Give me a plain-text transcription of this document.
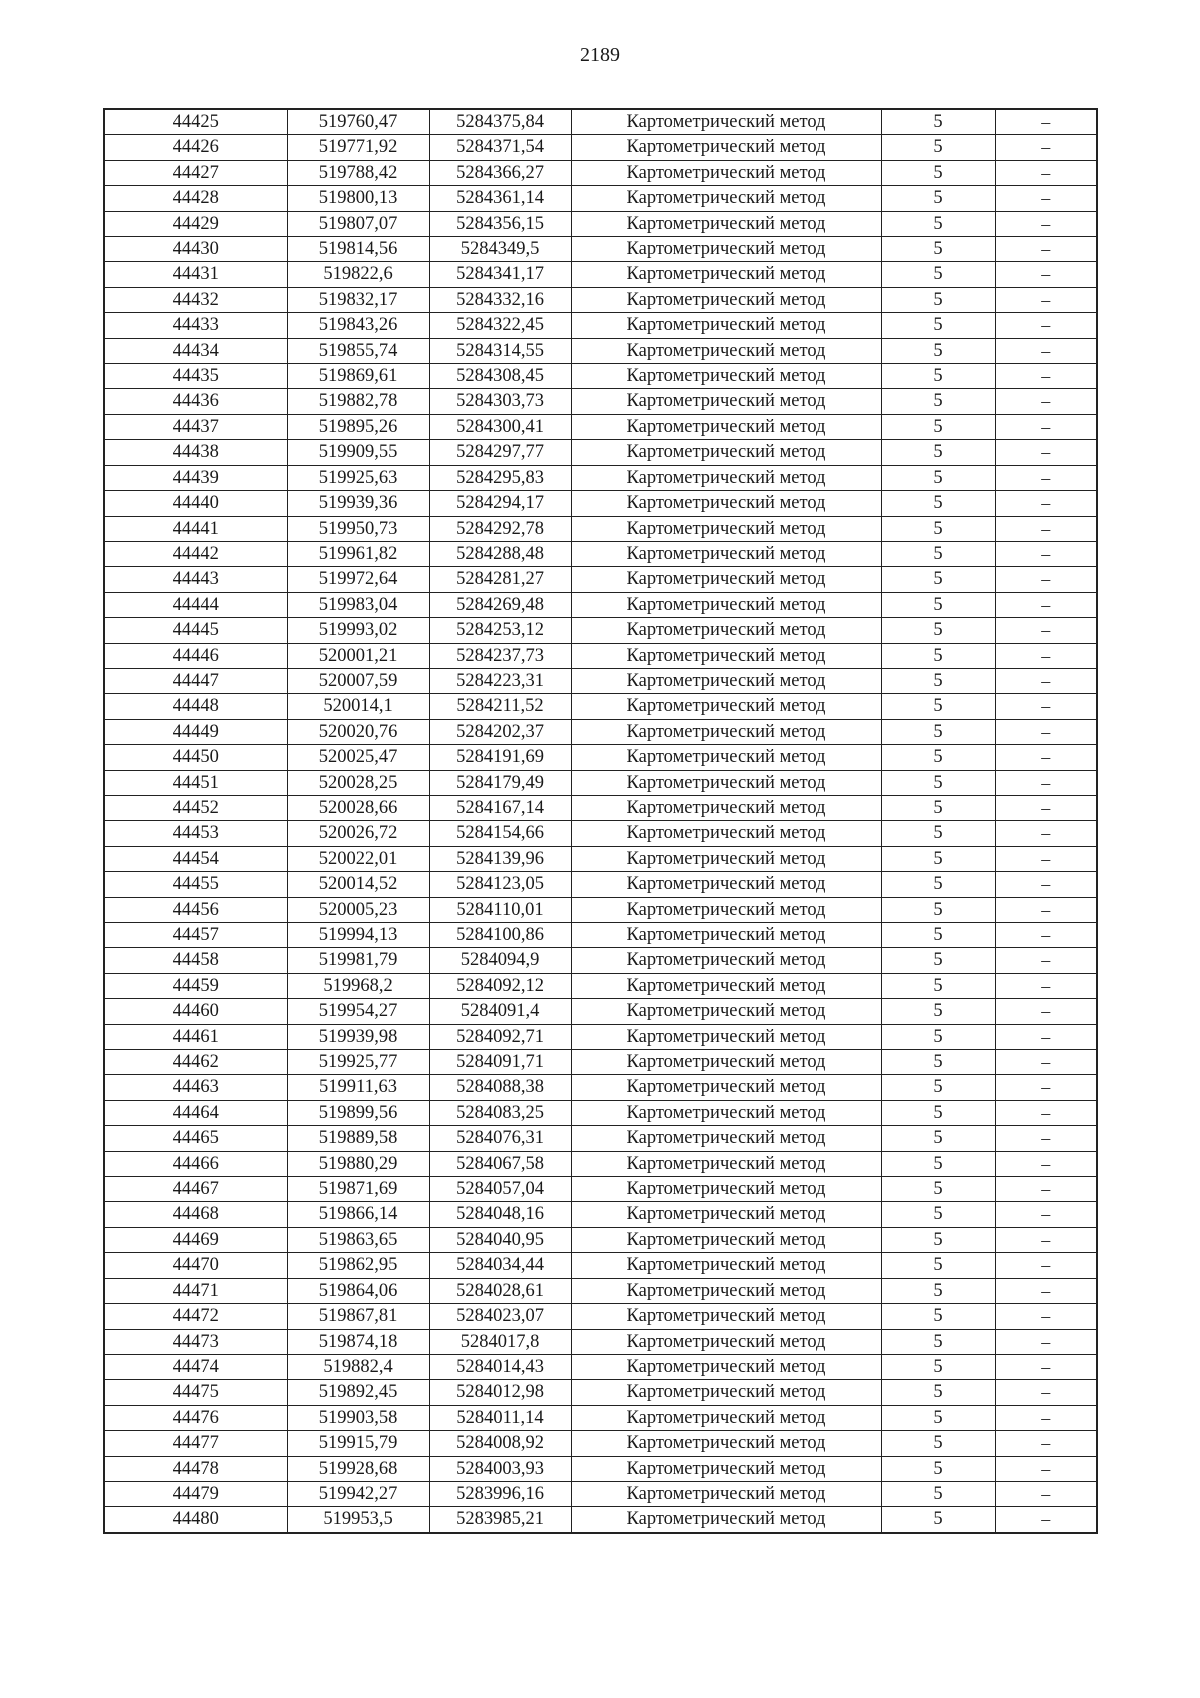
2189
44425	519760,47	5284375,84	Картометрический метод	5	–
44426	519771,92	5284371,54	Картометрический метод	5	–
44427	519788,42	5284366,27	Картометрический метод	5	–
44428	519800,13	5284361,14	Картометрический метод	5	–
44429	519807,07	5284356,15	Картометрический метод	5	–
44430	519814,56	5284349,5	Картометрический метод	5	–
44431	519822,6	5284341,17	Картометрический метод	5	–
44432	519832,17	5284332,16	Картометрический метод	5	–
44433	519843,26	5284322,45	Картометрический метод	5	–
44434	519855,74	5284314,55	Картометрический метод	5	–
44435	519869,61	5284308,45	Картометрический метод	5	–
44436	519882,78	5284303,73	Картометрический метод	5	–
44437	519895,26	5284300,41	Картометрический метод	5	–
44438	519909,55	5284297,77	Картометрический метод	5	–
44439	519925,63	5284295,83	Картометрический метод	5	–
44440	519939,36	5284294,17	Картометрический метод	5	–
44441	519950,73	5284292,78	Картометрический метод	5	–
44442	519961,82	5284288,48	Картометрический метод	5	–
44443	519972,64	5284281,27	Картометрический метод	5	–
44444	519983,04	5284269,48	Картометрический метод	5	–
44445	519993,02	5284253,12	Картометрический метод	5	–
44446	520001,21	5284237,73	Картометрический метод	5	–
44447	520007,59	5284223,31	Картометрический метод	5	–
44448	520014,1	5284211,52	Картометрический метод	5	–
44449	520020,76	5284202,37	Картометрический метод	5	–
44450	520025,47	5284191,69	Картометрический метод	5	–
44451	520028,25	5284179,49	Картометрический метод	5	–
44452	520028,66	5284167,14	Картометрический метод	5	–
44453	520026,72	5284154,66	Картометрический метод	5	–
44454	520022,01	5284139,96	Картометрический метод	5	–
44455	520014,52	5284123,05	Картометрический метод	5	–
44456	520005,23	5284110,01	Картометрический метод	5	–
44457	519994,13	5284100,86	Картометрический метод	5	–
44458	519981,79	5284094,9	Картометрический метод	5	–
44459	519968,2	5284092,12	Картометрический метод	5	–
44460	519954,27	5284091,4	Картометрический метод	5	–
44461	519939,98	5284092,71	Картометрический метод	5	–
44462	519925,77	5284091,71	Картометрический метод	5	–
44463	519911,63	5284088,38	Картометрический метод	5	–
44464	519899,56	5284083,25	Картометрический метод	5	–
44465	519889,58	5284076,31	Картометрический метод	5	–
44466	519880,29	5284067,58	Картометрический метод	5	–
44467	519871,69	5284057,04	Картометрический метод	5	–
44468	519866,14	5284048,16	Картометрический метод	5	–
44469	519863,65	5284040,95	Картометрический метод	5	–
44470	519862,95	5284034,44	Картометрический метод	5	–
44471	519864,06	5284028,61	Картометрический метод	5	–
44472	519867,81	5284023,07	Картометрический метод	5	–
44473	519874,18	5284017,8	Картометрический метод	5	–
44474	519882,4	5284014,43	Картометрический метод	5	–
44475	519892,45	5284012,98	Картометрический метод	5	–
44476	519903,58	5284011,14	Картометрический метод	5	–
44477	519915,79	5284008,92	Картометрический метод	5	–
44478	519928,68	5284003,93	Картометрический метод	5	–
44479	519942,27	5283996,16	Картометрический метод	5	–
44480	519953,5	5283985,21	Картометрический метод	5	–
